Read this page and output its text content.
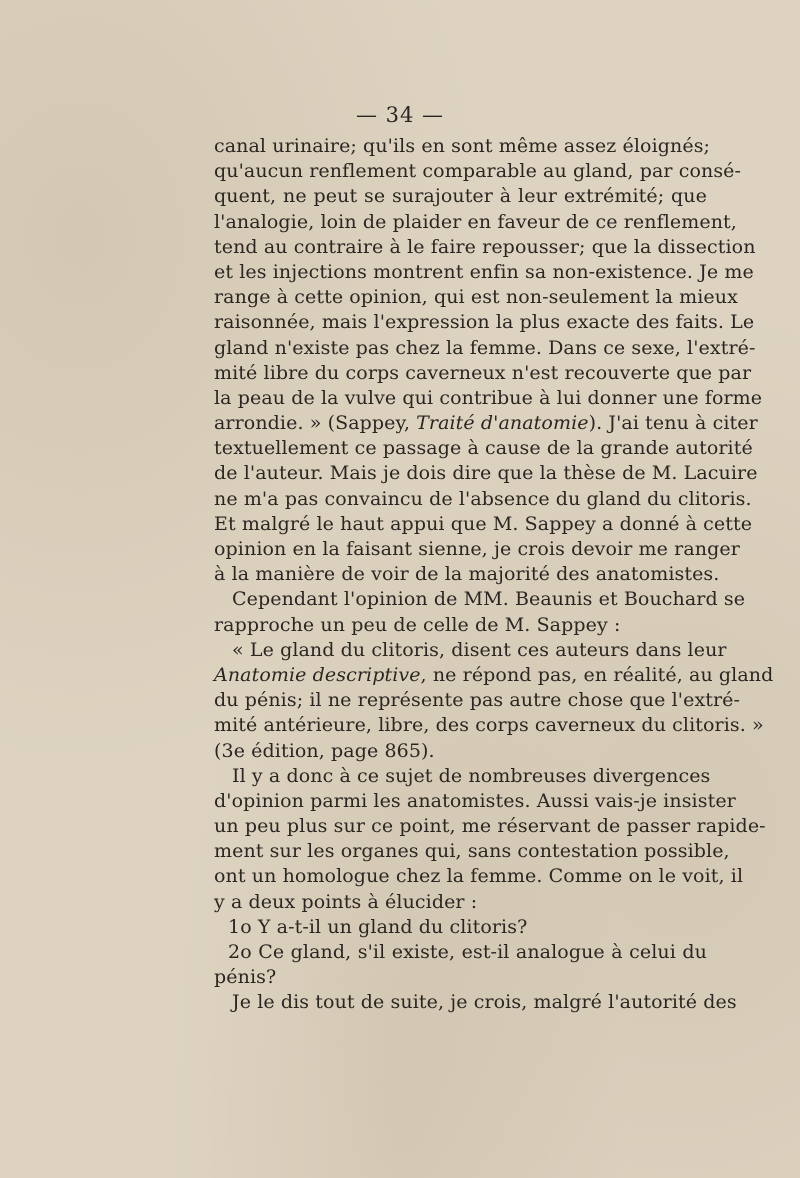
— 34 —
canal urinaire; qu'ils en sont même assez éloignés;
qu'aucun renflement comparable au gland, par consé-
quent, ne peut se surajouter à leur extrémité; que
l'analogie, loin de plaider en faveur de ce renflement,
tend au contraire à le faire repousser; que la dissection
et les injections montrent enfin sa non-existence. Je me
range à cette opinion, qui est non-seulement la mieux
raisonnée, mais l'expression la plus exacte des faits. Le
gland n'existe pas chez la femme. Dans ce sexe, l'extré-
mité libre du corps caverneux n'est recouverte que par
la peau de la vulve qui contribue à lui donner une forme
arrondie. » (Sappey, Traité d'anatomie). J'ai tenu à citer
textuellement ce passage à cause de la grande autorité
de l'auteur. Mais je dois dire que la thèse de M. Lacuire
ne m'a pas convaincu de l'absence du gland du clitoris.
Et malgré le haut appui que M. Sappey a donné à cette
opinion en la faisant sienne, je crois devoir me ranger
à la manière de voir de la majorité des anatomistes.
Cependant l'opinion de MM. Beaunis et Bouchard se
rapproche un peu de celle de M. Sappey :
« Le gland du clitoris, disent ces auteurs dans leur
Anatomie descriptive, ne répond pas, en réalité, au gland
du pénis; il ne représente pas autre chose que l'extré-
mité antérieure, libre, des corps caverneux du clitoris. »
(3e édition, page 865).
Il y a donc à ce sujet de nombreuses divergences
d'opinion parmi les anatomistes. Aussi vais-je insister
un peu plus sur ce point, me réservant de passer rapide-
ment sur les organes qui, sans contestation possible,
ont un homologue chez la femme. Comme on le voit, il
y a deux points à élucider :
1o Y a-t-il un gland du clitoris?
2o Ce gland, s'il existe, est-il analogue à celui du
pénis?
Je le dis tout de suite, je crois, malgré l'autorité des
